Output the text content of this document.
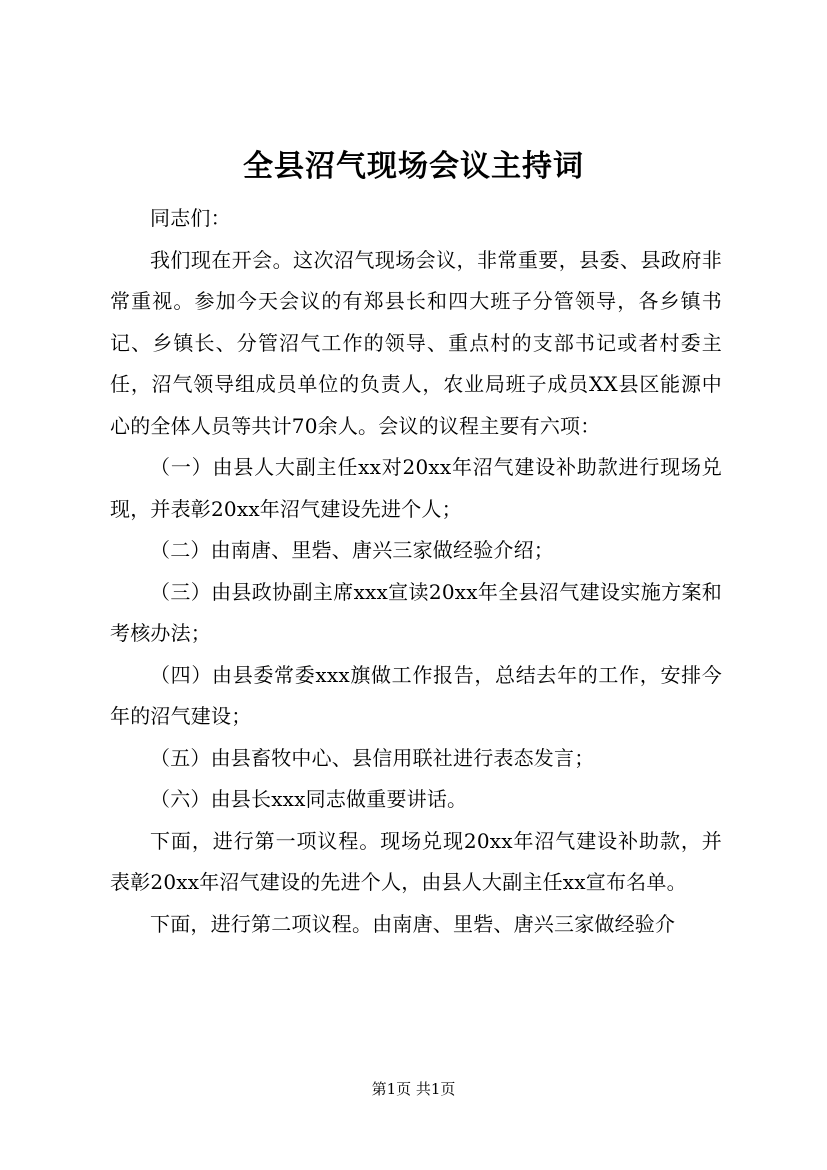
全县沼气现场会议主持词

同志们：

我们现在开会。这次沼气现场会议，非常重要，县委、县政府非常重视。参加今天会议的有郑县长和四大班子分管领导，各乡镇书记、乡镇长、分管沼气工作的领导、重点村的支部书记或者村委主任，沼气领导组成员单位的负责人，农业局班子成员XX县区能源中心的全体人员等共计70余人。会议的议程主要有六项：

（一）由县人大副主任xx对20xx年沼气建设补助款进行现场兑现，并表彰20xx年沼气建设先进个人；

（二）由南唐、里砦、唐兴三家做经验介绍；

（三）由县政协副主席xxx宣读20xx年全县沼气建设实施方案和考核办法；

（四）由县委常委xxx旗做工作报告，总结去年的工作，安排今年的沼气建设；

（五）由县畜牧中心、县信用联社进行表态发言；

（六）由县长xxx同志做重要讲话。

下面，进行第一项议程。现场兑现20xx年沼气建设补助款，并表彰20xx年沼气建设的先进个人，由县人大副主任xx宣布名单。

下面，进行第二项议程。由南唐、里砦、唐兴三家做经验介

第1页 共1页
